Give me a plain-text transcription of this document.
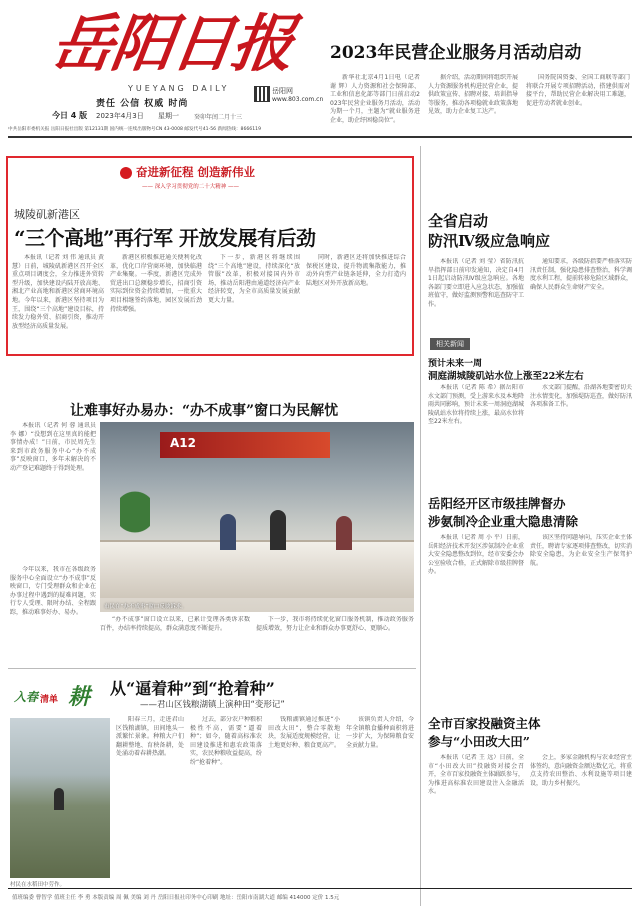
岳阳日报
YUEYANG DAILY
责任 公信 权威 时尚
岳阳网
www.803.com.cn
今日 4 版 2023年4月3日 星期一	癸卯年闰二月十三
中共岳阳市委机关报 岳阳日报社出版 第12131期 国内统一连续出版物号CN 43-0008 邮发代号41-56 新闻热线：8666119
2023年民营企业服务月活动启动

新华社北京4月1日电（记者 谢 辉）人力资源和社会保障部、工业和信息化部等部门日前启动2023年民营企业服务月活动，活动为期一个月，主题为“就业服务进企业，助企纾困稳岗位”。

据介绍，活动期间将组织开展人力资源服务机构进民营企业，提供政策宣传、招聘对接、培训指导等服务，推动各项稳就业政策落地见效，助力企业复工达产。

国务院国资委、全国工商联等部门将联合开展专项招聘活动，搭建供需对接平台，帮助民营企业解决用工难题，促进劳动者就业创业。

奋进新征程 创造新伟业
—— 深入学习贯彻党的二十大精神 ——
城陵矶新港区
“三个高地”再行军 开放发展有后劲

本报讯（记者 刘 伟 通讯员 黄 慧）日前，城陵矶新港区召开全区重点项目调度会，全力推进外贸转型升级，加快建设内陆开放高地、湘北产业高地和新港区营商环境高地。今年以来，新港区坚持项目为王，围绕“三个高地”建设目标，持续发力稳外贸、招商引资，推动开放型经济高质量发展。

新港区积极推进通关便利化改革，优化口岸营商环境，加快临港产业集聚。一季度，新港区完成外贸进出口总额稳步增长，招商引资实际到位资金持续增加，一批重大项目相继签约落地，园区发展后劲持续增强。

下一步，新港区将继续围绕“三个高地”建设，持续深化“放管服”改革，积极对接国内外市场，推动岳阳港由通道经济向产业经济转变，为全市高质量发展贡献更大力量。

同时，新港区还将加快推进综合保税区建设，提升物流集散能力，推动外向型产业链条延伸，全力打造内陆地区对外开放新高地。

全省启动
防汛Ⅳ级应急响应

本报讯（记者 刘 莹）省防汛抗旱指挥部日前印发通知，决定自4月1日起启动防汛Ⅳ级应急响应。各地各部门要立即进入应急状态，加强值班值守，做好监测预警和巡查防守工作。

通知要求，各级防指要严格落实防汛责任制，强化隐患排查整治，科学调度水利工程，提前转移危险区域群众，确保人民群众生命财产安全。

相关新闻
预计未来一周
洞庭湖城陵矶站水位上涨至22米左右

本报讯（记者 陈 希）据岳阳市水文部门预测，受上游来水及本地降雨共同影响，预计未来一周洞庭湖城陵矶站水位将持续上涨，最高水位将至22米左右。

水文部门提醒，沿湖各地要密切关注水情变化，加强堤防巡查，做好防汛各项准备工作。

让难事好办易办：“办不成事”窗口为民解忧

本报讯（记者 何 蓉 通讯员 李 娜）“没想到在这里真的能把事情办成！”日前，市民周先生来到市政务服务中心“办不成事”反映窗口，多年未解决的不动产登记难题终于得到处理。

今年以来，我市在各级政务服务中心全面设立“办不成事”反映窗口，专门受理群众和企业在办事过程中遇到的疑难问题，实行专人受理、限时办结、全程跟踪，推动难事好办、易办。

A12

“办不成事”窗口设立以来，已累计受理各类诉求数百件，办结率持续提高，群众满意度不断提升。

下一步，我市将持续优化窗口服务机制，推动政务服务提质增效，努力让企业和群众办事更舒心、更顺心。

岳阳经开区市级挂牌督办
涉氨制冷企业重大隐患清除

本报讯（记者 周 小 平）日前，岳阳经济技术开发区涉氨制冷企业重大安全隐患整改到位，经市安委会办公室验收合格，正式解除市级挂牌督办。

该区坚持问题导向，压实企业主体责任，聘请专家逐项排查整改，切实消除安全隐患，为企业安全生产保驾护航。

入春 清单 耕 从“逼着种”到“抢着种”
——君山区钱粮湖镇上演种田“变形记”
村民在水稻田中劳作。

阳春三月，走进君山区钱粮湖镇，田间地头一派繁忙景象。种粮大户们翻耕整地、育秧备耕，处处涌动着春耕热潮。

过去，部分农户种粮积极性不高，需要“逼着种”；如今，随着高标准农田建设推进和惠农政策落实，农民种粮收益提高，纷纷“抢着种”。

钱粮湖镇通过推进“小田改大田”，整合零散地块，发展适度规模经营，让土地更好种、粮食更高产。

该镇负责人介绍，今年全镇粮食播种面积将进一步扩大，为保障粮食安全贡献力量。

全市百家投融资主体
参与“小田改大田”

本报讯（记者 王 远）日前，全市“小田改大田”投融资对接会召开，全市百家投融资主体踊跃参与，为推进高标准农田建设注入金融活水。

会上，多家金融机构与农业经营主体签约，意向融资金额达数亿元，将重点支持农田整治、水利设施等项目建设，助力乡村振兴。

值班编委 曹智学 值班主任 李 勇 本版责编 周 佩 美编 刘 丹 岳阳日报社印务中心印刷 地址：岳阳市南湖大道 邮编 414000 定价 1.5元
市民在“办不成事”窗口反映诉求。
